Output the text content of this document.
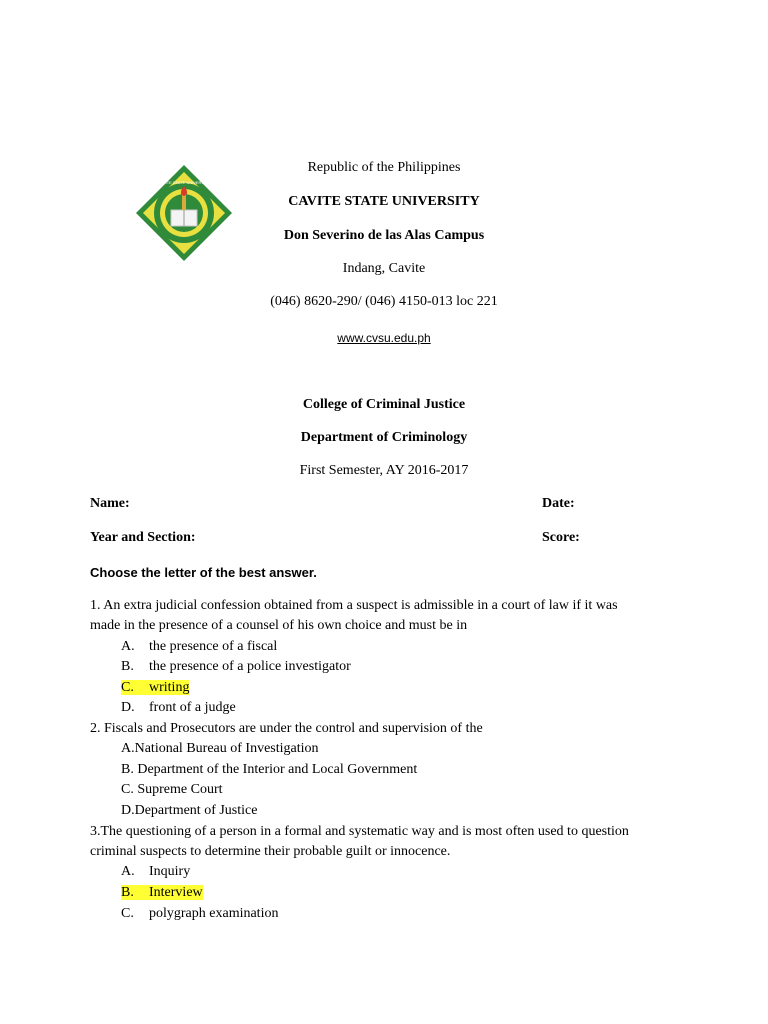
CAVITE STATE UNIVERSITY
Republic of the Philippines
CAVITE STATE UNIVERSITY
Don Severino de las Alas Campus
Indang, Cavite
(046) 8620-290/ (046) 4150-013 loc 221
www.cvsu.edu.ph
College of Criminal Justice
Department of Criminology
First Semester, AY 2016-2017
Name:	Date:
Year and Section:	Score:
Choose the letter of the best answer.
1. An extra judicial confession obtained from a suspect is admissible in a court of law if it was
made in the presence of a counsel of his own choice and must be in
A. the presence of a fiscal
B. the presence of a police investigator
C. writing
D. front of a judge
2. Fiscals and Prosecutors are under the control and supervision of the
A.National Bureau of Investigation
B. Department of the Interior and Local Government
C. Supreme Court
D.Department of Justice
3.The questioning of a person in a formal and systematic way and is most often used to question
criminal suspects to determine their probable guilt or innocence.
A. Inquiry
B. Interview
C. polygraph examination
